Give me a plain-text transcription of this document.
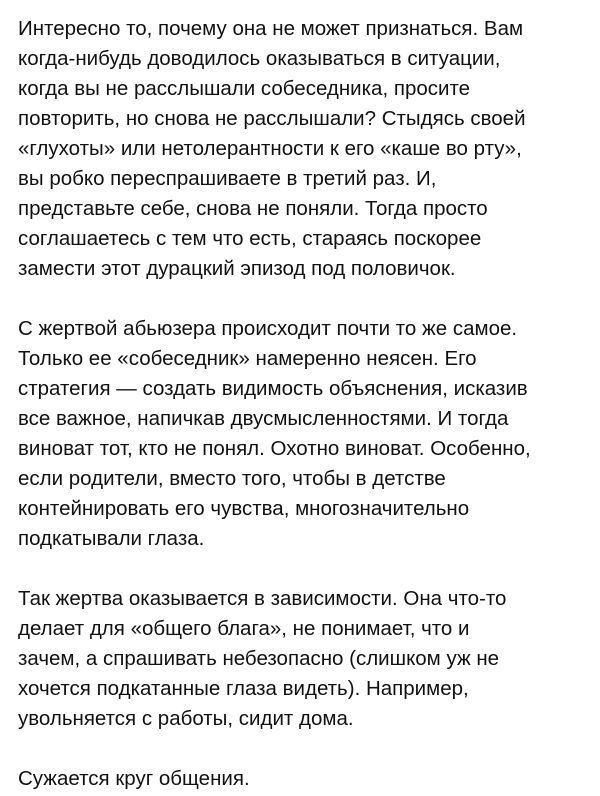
Интересно то, почему она не может признаться. Вам
когда-нибудь доводилось оказываться в ситуации,
когда вы не расслышали собеседника, просите
повторить, но снова не расслышали? Стыдясь своей
«глухоты» или нетолерантности к его «каше во рту»,
вы робко переспрашиваете в третий раз. И,
представьте себе, снова не поняли. Тогда просто
соглашаетесь с тем что есть, стараясь поскорее
замести этот дурацкий эпизод под половичок.
С жертвой абьюзера происходит почти то же самое.
Только ее «собеседник» намеренно неясен. Его
стратегия — создать видимость объяснения, исказив
все важное, напичкав двусмысленностями. И тогда
виноват тот, кто не понял. Охотно виноват. Особенно,
если родители, вместо того, чтобы в детстве
контейнировать его чувства, многозначительно
подкатывали глаза.
Так жертва оказывается в зависимости. Она что-то
делает для «общего блага», не понимает, что и
зачем, а спрашивать небезопасно (слишком уж не
хочется подкатанные глаза видеть). Например,
увольняется с работы, сидит дома.
Сужается круг общения.
